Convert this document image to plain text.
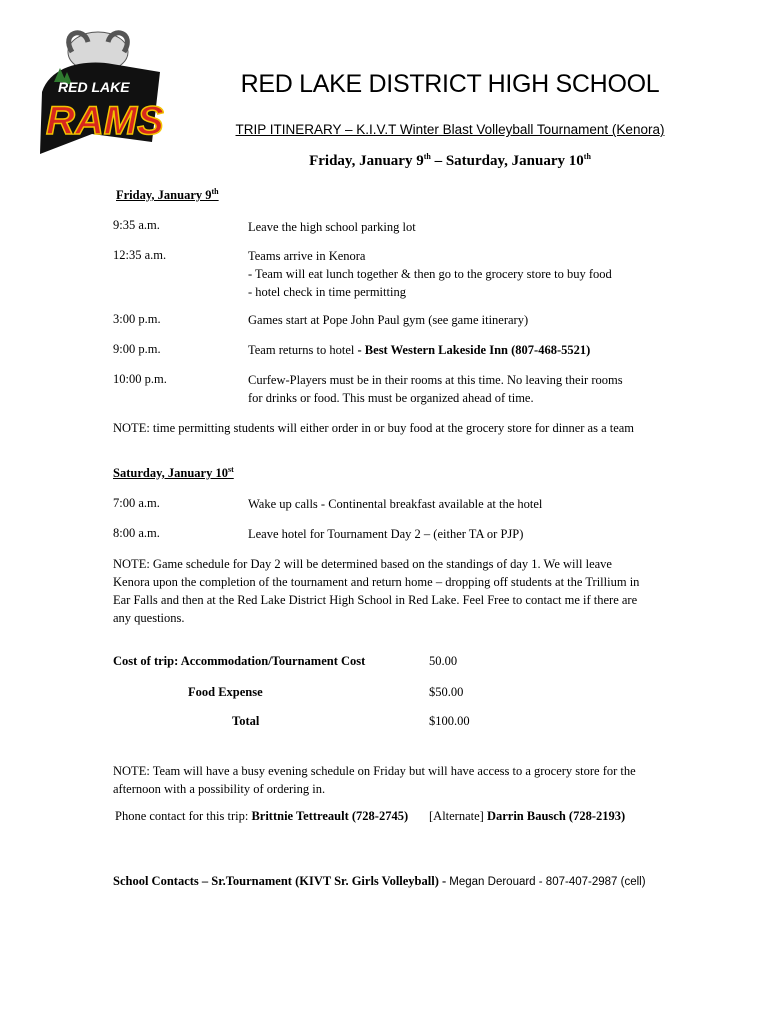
RED LAKE
RAMS
RED LAKE DISTRICT HIGH SCHOOL
TRIP ITINERARY – K.I.V.T Winter Blast Volleyball Tournament (Kenora)
Friday, January 9th – Saturday, January 10th
Friday, January 9th
9:35 a.m.	Leave the high school parking lot
12:35 a.m.	Teams arrive in Kenora
- Team will eat lunch together & then go to the grocery store to buy food
- hotel check in time permitting
3:00 p.m.	Games start at Pope John Paul gym (see game itinerary)
9:00 p.m.	Team returns to hotel - Best Western Lakeside Inn (807-468-5521)
10:00 p.m.	Curfew-Players must be in their rooms at this time. No leaving their rooms
for drinks or food. This must be organized ahead of time.
NOTE: time permitting students will either order in or buy food at the grocery store for dinner as a team
Saturday, January 10st
7:00 a.m.	Wake up calls - Continental breakfast available at the hotel
8:00 a.m.	Leave hotel for Tournament Day 2 – (either TA or PJP)
NOTE: Game schedule for Day 2 will be determined based on the standings of day 1. We will leave
Kenora upon the completion of the tournament and return home – dropping off students at the Trillium in
Ear Falls and then at the Red Lake District High School in Red Lake. Feel Free to contact me if there are
any questions.
Cost of trip: Accommodation/Tournament Cost	50.00
Food Expense	$50.00
Total	$100.00
NOTE: Team will have a busy evening schedule on Friday but will have access to a grocery store for the
afternoon with a possibility of ordering in.
Phone contact for this trip: Brittnie Tettreault (728-2745) [Alternate] Darrin Bausch (728-2193)
School Contacts – Sr.Tournament (KIVT Sr. Girls Volleyball) - Megan Derouard - 807-407-2987 (cell)
